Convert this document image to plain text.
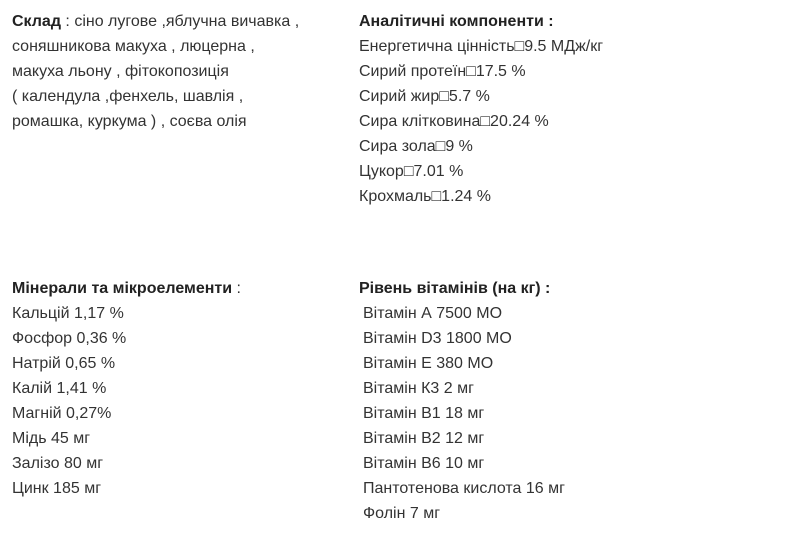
Склад : сіно лугове ,яблучна вичавка ,
соняшникова макуха , люцерна ,
макуха льону , фітокопозиція
( календула ,фенхель, шавлія ,
ромашка, куркума ) , соєва олія
Аналітичні компоненти :
Енергетична цінність□9.5 МДж/кг
Сирий протеїн□17.5 %
Сирий жир□5.7 %
Сира клітковина□20.24 %
Сира зола□9 %
Цукор□7.01 %
Крохмаль□1.24 %
Мінерали та мікроелементи :
Кальцій 1,17 %
Фосфор 0,36 %
Натрій 0,65 %
Калій 1,41 %
Магній 0,27%
Мідь 45 мг
Залізо 80 мг
Цинк 185 мг
Рівень вітамінів (на кг) :
Вітамін А 7500 МО
Вітамін D3 1800 МО
Вітамін Е 380 МО
Вітамін К3 2 мг
Вітамін В1 18 мг
Вітамін В2 12 мг
Вітамін В6 10 мг
Пантотенова кислота 16 мг
Фолін 7 мг
